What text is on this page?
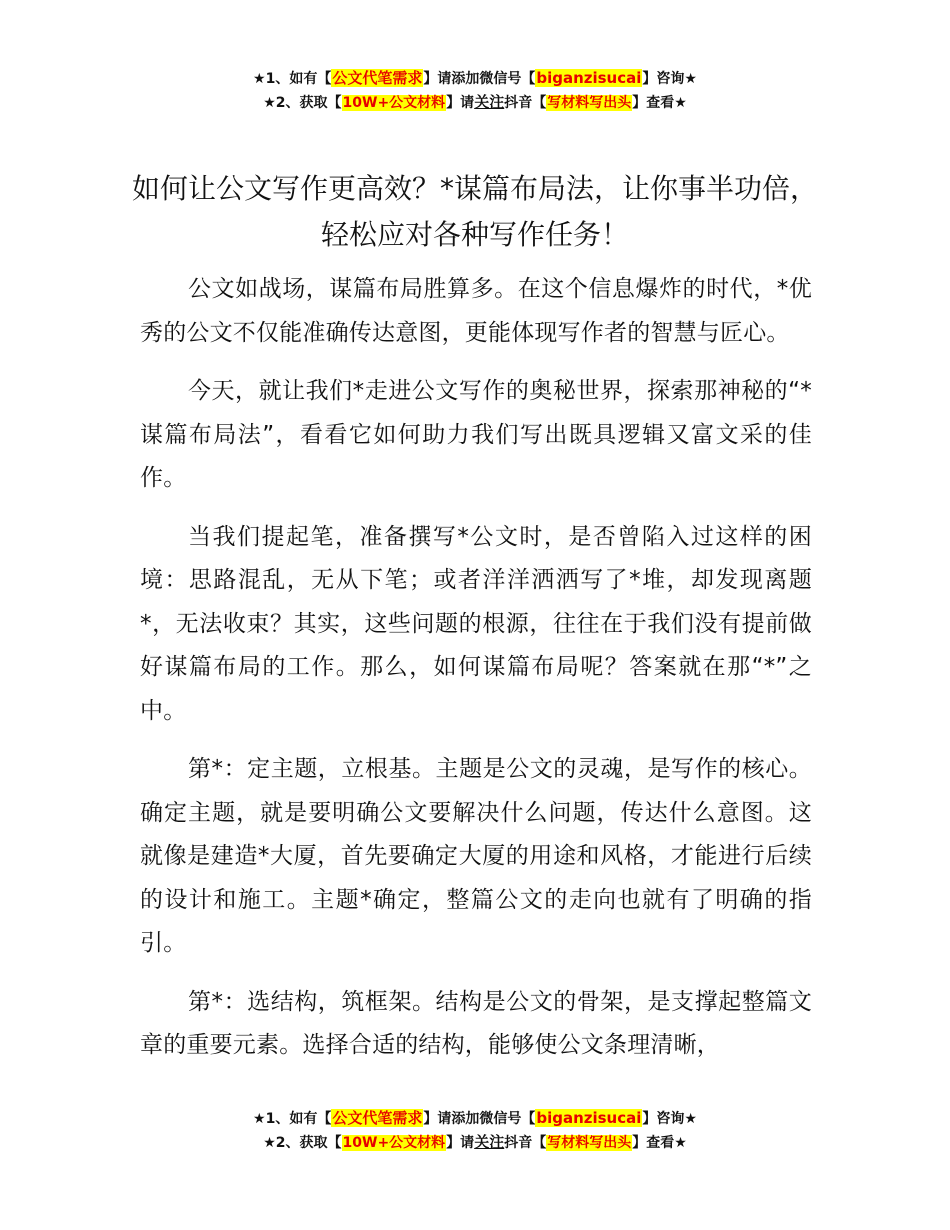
★1、如有【公文代笔需求】请添加微信号【biganzisucai】咨询★
★2、获取【10W+公文材料】请关注抖音【写材料写出头】查看★
如何让公文写作更高效？*谋篇布局法，让你事半功倍，轻松应对各种写作任务！

公文如战场，谋篇布局胜算多。在这个信息爆炸的时代，*优秀的公文不仅能准确传达意图，更能体现写作者的智慧与匠心。

今天，就让我们*走进公文写作的奥秘世界，探索那神秘的“*谋篇布局法”，看看它如何助力我们写出既具逻辑又富文采的佳作。

当我们提起笔，准备撰写*公文时，是否曾陷入过这样的困境：思路混乱，无从下笔；或者洋洋洒洒写了*堆，却发现离题*，无法收束？其实，这些问题的根源，往往在于我们没有提前做好谋篇布局的工作。那么，如何谋篇布局呢？答案就在那“*”之中。

第*：定主题，立根基。主题是公文的灵魂，是写作的核心。确定主题，就是要明确公文要解决什么问题，传达什么意图。这就像是建造*大厦，首先要确定大厦的用途和风格，才能进行后续的设计和施工。主题*确定，整篇公文的走向也就有了明确的指引。

第*：选结构，筑框架。结构是公文的骨架，是支撑起整篇文章的重要元素。选择合适的结构，能够使公文条理清晰，

★1、如有【公文代笔需求】请添加微信号【biganzisucai】咨询★
★2、获取【10W+公文材料】请关注抖音【写材料写出头】查看★
